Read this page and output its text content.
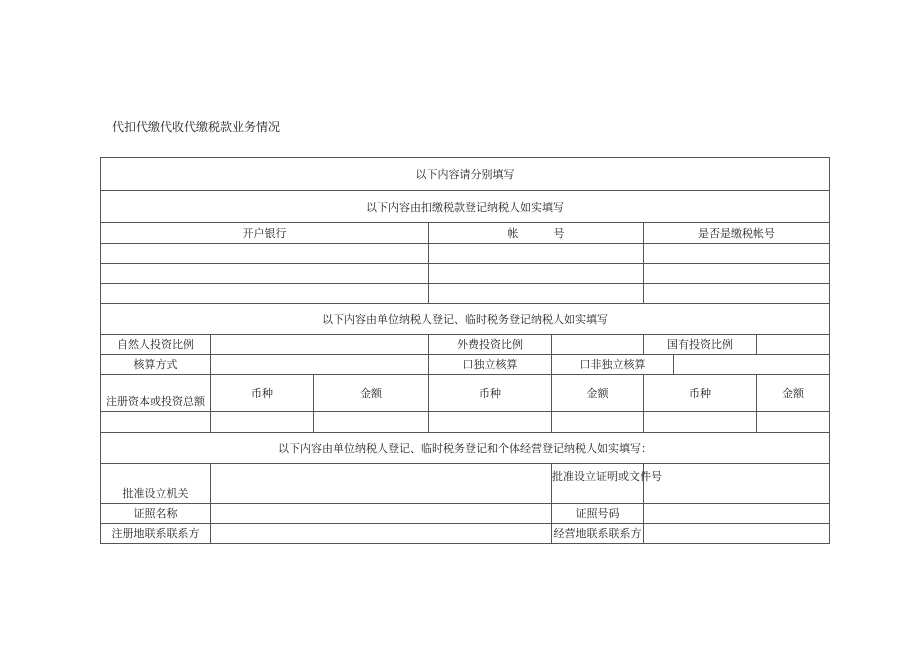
代扣代缴代收代缴税款业务情况
以下内容请分别填写							
以下内容由扣缴税款登记纳税人如实填写							
开户银行			帐          号		是否是缴税帐号		

以下内容由单位纳税人登记、临时税务登记纳税人如实填写							
自然人投资比例			外费投资比例		国有投资比例		
核算方式			口独立核算	口非独立核算			
注册资本或投资总额	币种	金额	币种	金额	币种		金额

以下内容由单位纳税人登记、临时税务登记和个体经营登记纳税人如实填写：							
批准设立机关				批准设立证明或文件号			
证照名称				证照号码			
注册地联系联系方				经营地联系联系方			
